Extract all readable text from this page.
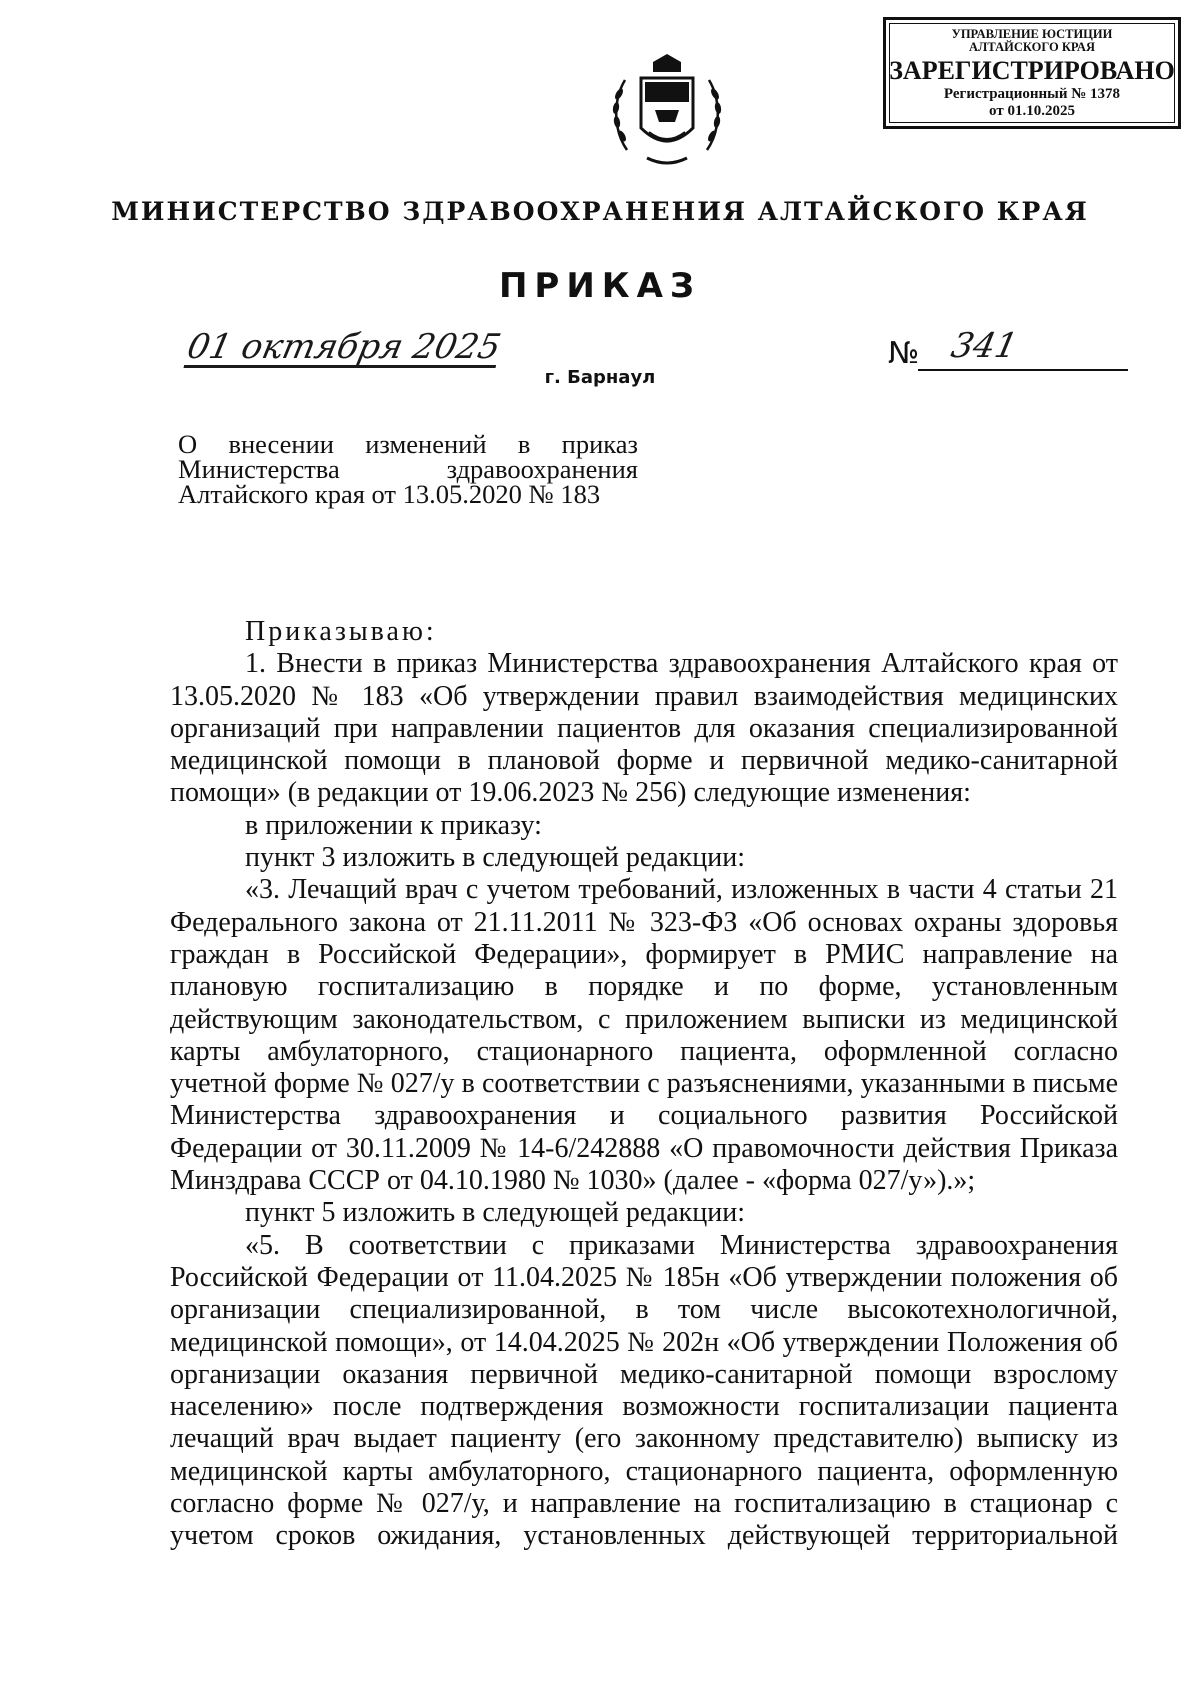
УПРАВЛЕНИЕ ЮСТИЦИИ АЛТАЙСКОГО КРАЯ
ЗАРЕГИСТРИРОВАНО
Регистрационный № 1378
от 01.10.2025
МИНИСТЕРСТВО ЗДРАВООХРАНЕНИЯ АЛТАЙСКОГО КРАЯ
ПРИКАЗ
01 октября 2025	№ 341
г. Барнаул
О внесении изменений в приказ
Министерства здравоохранения
Алтайского края от 13.05.2020 № 183

Приказываю:

1. Внести в приказ Министерства здравоохранения Алтайского края от 13.05.2020 № 183 «Об утверждении правил взаимодействия медицинских организаций при направлении пациентов для оказания специализированной медицинской помощи в плановой форме и первичной медико-санитарной помощи» (в редакции от 19.06.2023 № 256) следующие изменения:

в приложении к приказу:

пункт 3 изложить в следующей редакции:

«3. Лечащий врач с учетом требований, изложенных в части 4 статьи 21 Федерального закона от 21.11.2011 № 323-ФЗ «Об основах охраны здоровья граждан в Российской Федерации», формирует в РМИС направление на плановую госпитализацию в порядке и по форме, установленным действующим законодательством, с приложением выписки из медицинской карты амбулаторного, стационарного пациента, оформленной согласно учетной форме № 027/у в соответствии с разъяснениями, указанными в письме Министерства здравоохранения и социального развития Российской Федерации от 30.11.2009 № 14-6/242888 «О правомочности действия Приказа Минздрава СССР от 04.10.1980 № 1030» (далее - «форма 027/у»).»;

пункт 5 изложить в следующей редакции:

«5. В соответствии с приказами Министерства здравоохранения Российской Федерации от 11.04.2025 № 185н «Об утверждении положения об организации специализированной, в том числе высокотехнологичной, медицинской помощи», от 14.04.2025 № 202н «Об утверждении Положения об организации оказания первичной медико-санитарной помощи взрослому населению» после подтверждения возможности госпитализации пациента лечащий врач выдает пациенту (его законному представителю) выписку из медицинской карты амбулаторного, стационарного пациента, оформленную согласно форме № 027/у, и направление на госпитализацию в стационар с учетом сроков ожидания, установленных действующей территориальной
